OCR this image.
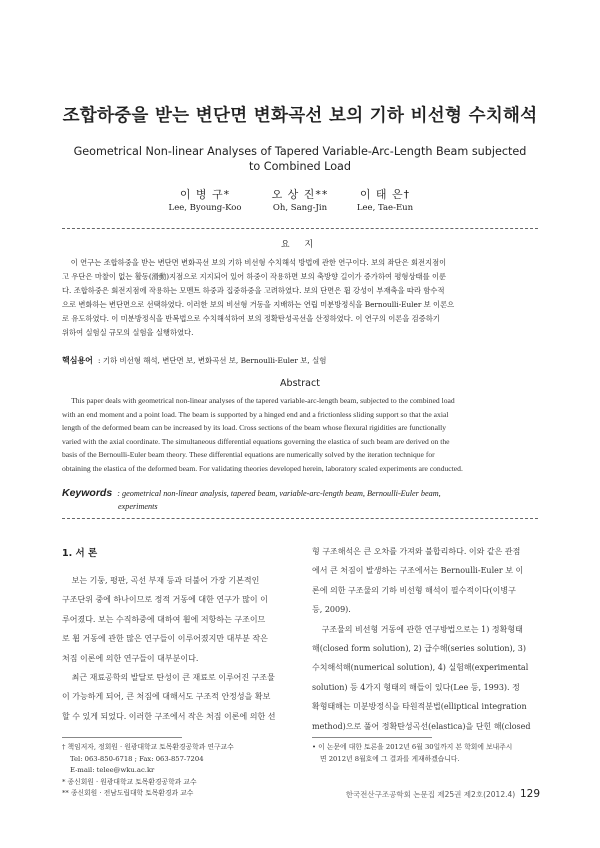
조합하중을 받는 변단면 변화곡선 보의 기하 비선형 수치해석
Geometrical Non-linear Analyses of Tapered Variable-Arc-Length Beam subjected
to Combined Load
이 병 구*	오 상 진**	이 태 은†
Lee, Byoung-Koo	Oh, Sang-Jin	Lee, Tae-Eun
요 지
이 연구는 조합하중을 받는 변단면 변화곡선 보의 기하 비선형 수치해석 방법에 관한 연구이다. 보의 좌단은 회전지점이
고 우단은 마찰이 없는 활동(滑動)지점으로 지지되어 있어 하중이 작용하면 보의 축방향 길이가 증가하여 평형상태를 이룬
다. 조합하중은 회전지점에 작용하는 모멘트 하중과 집중하중을 고려하였다. 보의 단면은 휨 강성이 부재축을 따라 함수적
으로 변화하는 변단면으로 선택하였다. 이러한 보의 비선형 거동을 지배하는 연립 미분방정식을 Bernoulli-Euler 보 이론으
로 유도하였다. 이 미분방정식을 반복법으로 수치해석하여 보의 정확탄성곡선을 산정하였다. 이 연구의 이론을 검증하기
위하여 실험실 규모의 실험을 실행하였다.
핵심용어 : 기하 비선형 해석, 변단면 보, 변화곡선 보, Bernoulli-Euler 보, 실험
Abstract
This paper deals with geometrical non-linear analyses of the tapered variable-arc-length beam, subjected to the combined load
with an end moment and a point load. The beam is supported by a hinged end and a frictionless sliding support so that the axial
length of the deformed beam can be increased by its load. Cross sections of the beam whose flexural rigidities are functionally
varied with the axial coordinate. The simultaneous differential equations governing the elastica of such beam are derived on the
basis of the Bernoulli-Euler beam theory. These differential equations are numerically solved by the iteration technique for
obtaining the elastica of the deformed beam. For validating theories developed herein, laboratory scaled experiments are conducted.
Keywords : geometrical non-linear analysis, tapered beam, variable-arc-length beam, Bernoulli-Euler beam,
experiments
1. 서 론
보는 기둥, 평판, 곡선 부재 등과 더불어 가장 기본적인
구조단위 중에 하나이므로 정적 거동에 대한 연구가 많이 이
루어졌다. 보는 수직하중에 대하여 휨에 저항하는 구조이므
로 휨 거동에 관한 많은 연구들이 이루어졌지만 대부분 작은
처짐 이론에 의한 연구들이 대부분이다.
최근 재료공학의 발달로 탄성이 큰 재료로 이루어진 구조물
이 가능하게 되어, 큰 처짐에 대해서도 구조적 안정성을 확보
할 수 있게 되었다. 이러한 구조에서 작은 처짐 이론에 의한 선
형 구조해석은 큰 오차를 가져와 불합리하다. 이와 같은 관점
에서 큰 처짐이 발생하는 구조에서는 Bernoulli-Euler 보 이
론에 의한 구조물의 기하 비선형 해석이 필수적이다(이병구
등, 2009).
구조물의 비선형 거동에 관한 연구방법으로는 1) 정확형태
해(closed form solution), 2) 급수해(series solution), 3)
수치해석해(numerical solution), 4) 실험해(experimental
solution) 등 4가지 형태의 해들이 있다(Lee 등, 1993). 정
확형태해는 미분방정식을 타원적분법(elliptical integration
method)으로 풀어 정확탄성곡선(elastica)을 단힌 해(closed
† 책임저자, 정회원 · 원광대학교 토목환경공학과 연구교수
Tel: 063-850-6718 ; Fax: 063-857-7204
E-mail: telee@wku.ac.kr
* 종신회원 · 원광대학교 토목환경공학과 교수
** 종신회원 · 전남도립대학 토목환경과 교수
• 이 논문에 대한 토론을 2012년 6월 30일까지 본 학회에 보내주시
면 2012년 8월호에 그 결과를 게재하겠습니다.
한국전산구조공학회 논문집 제25권 제2호(2012.4) 129
